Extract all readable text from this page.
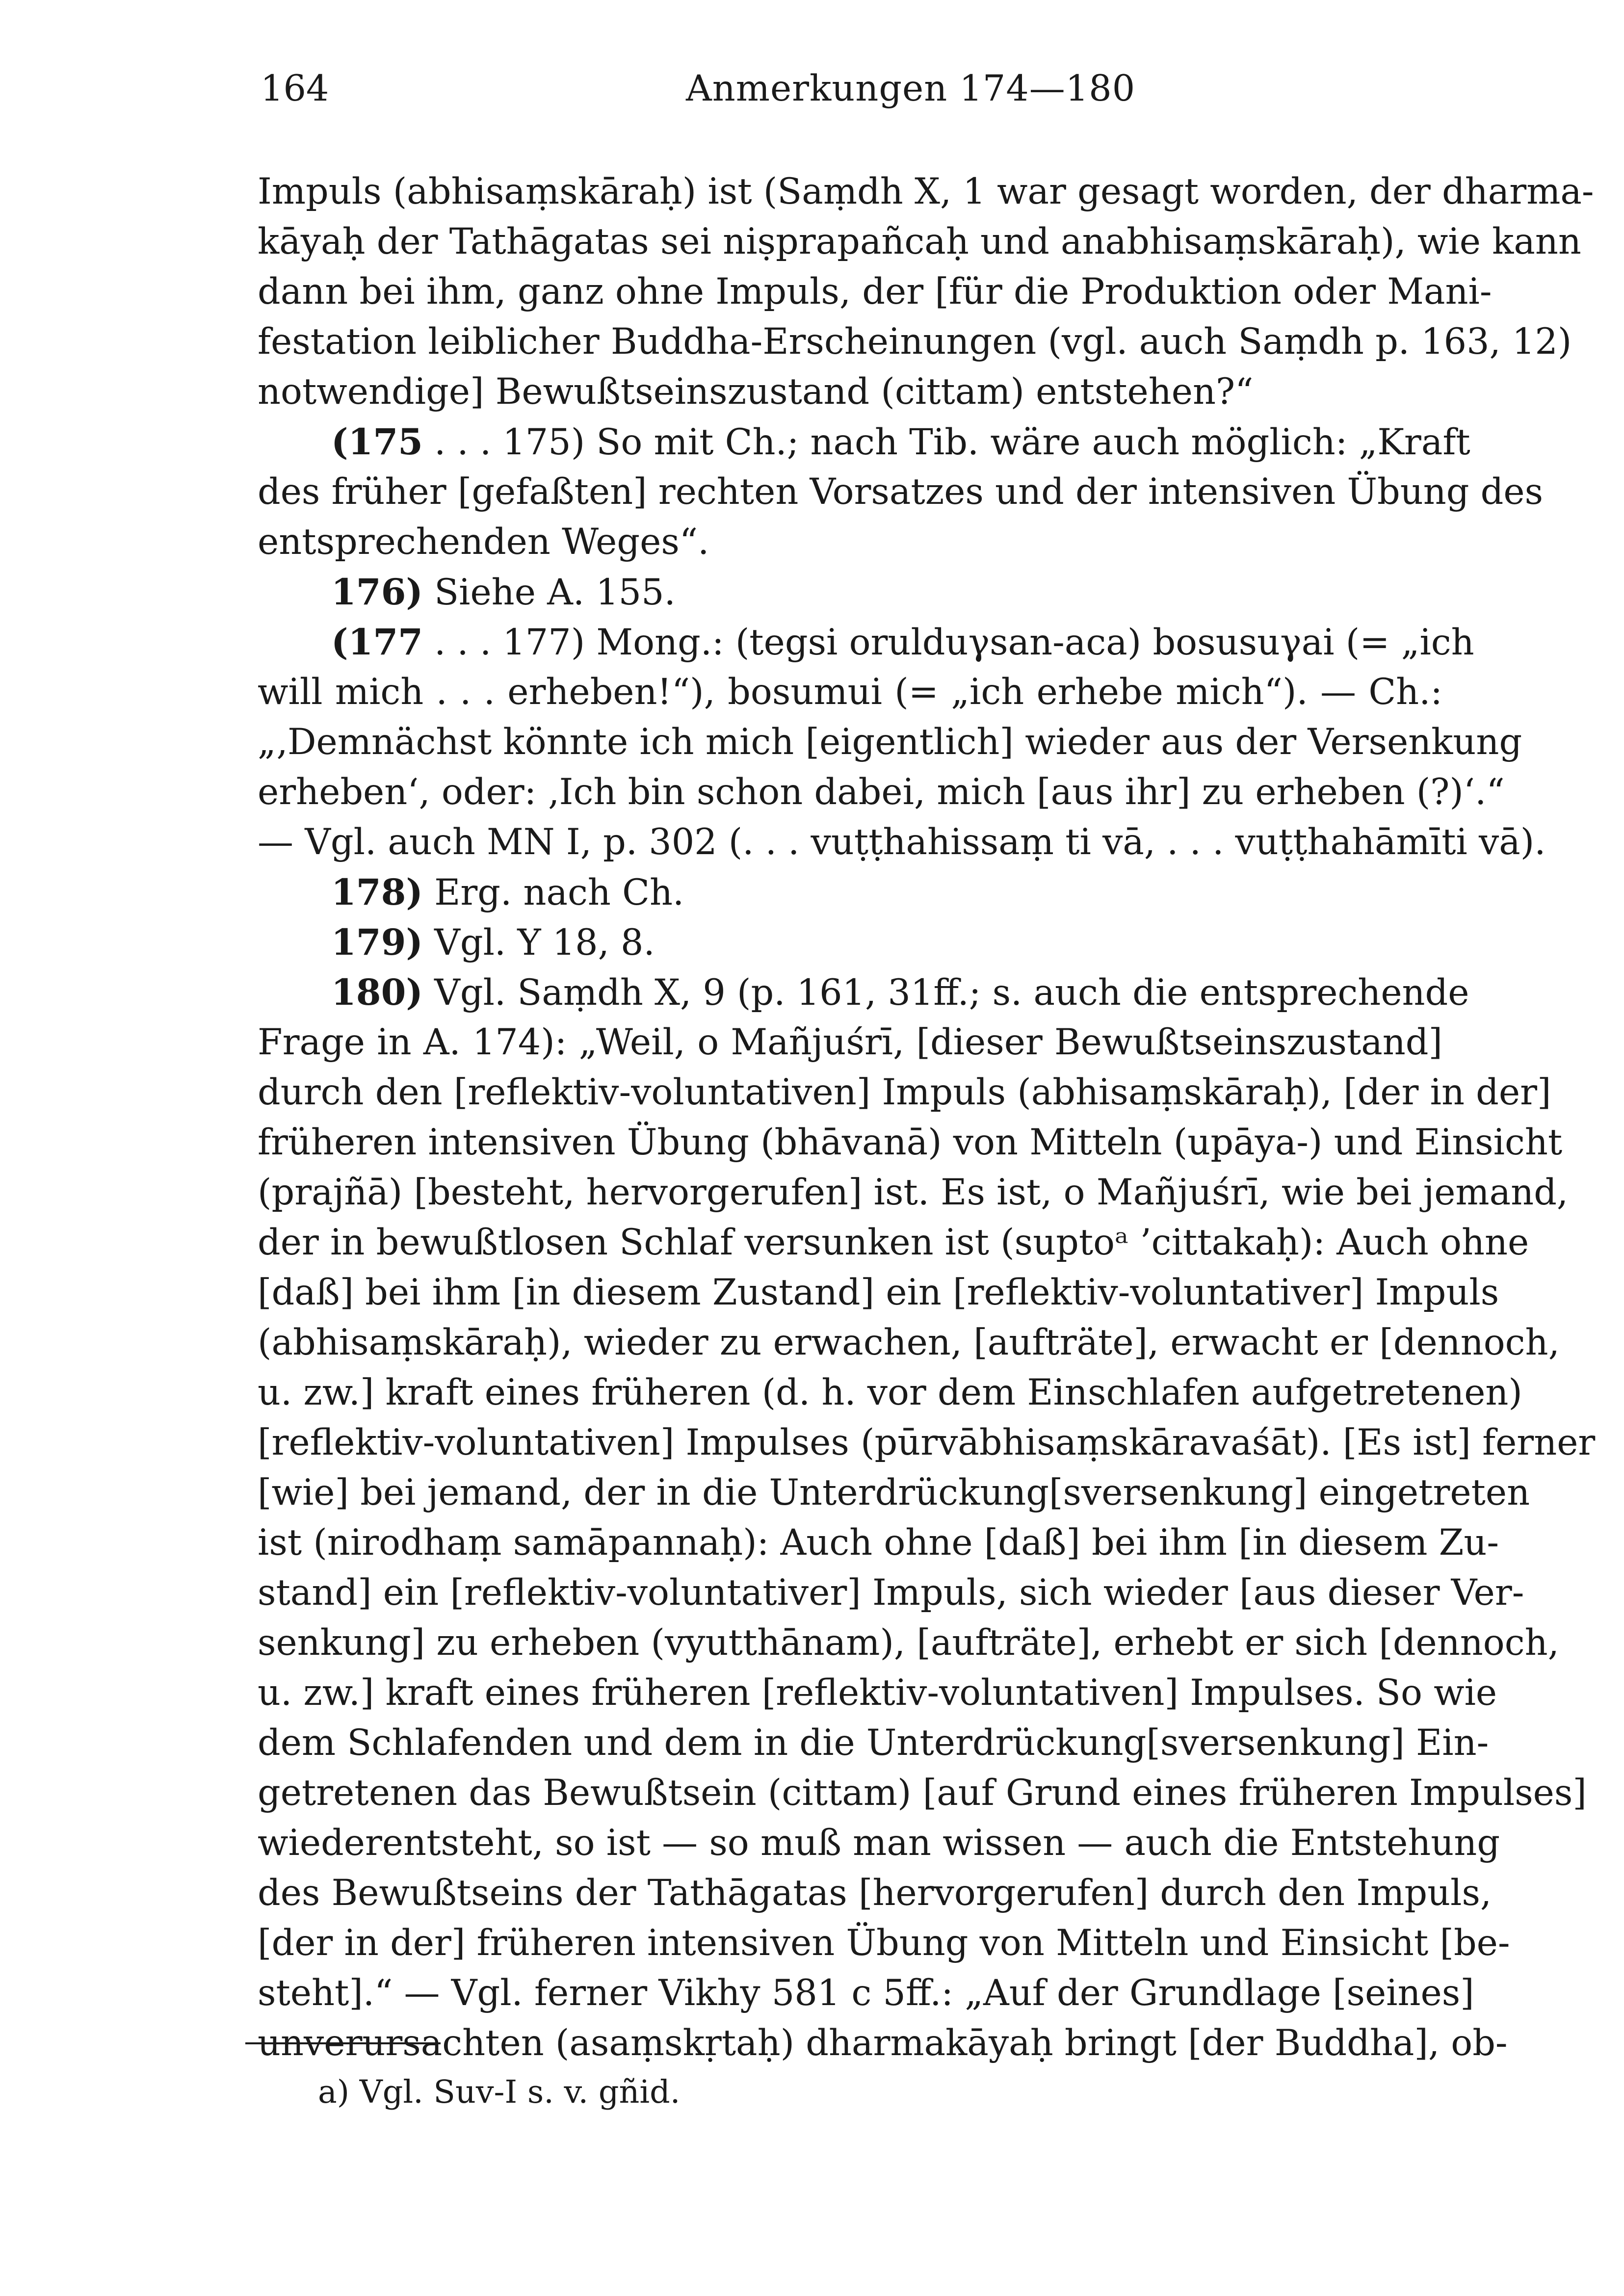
164	Anmerkungen 174—180
Impuls (abhisaṃskāraḥ) ist (Saṃdh X, 1 war gesagt worden, der dharma-
kāyaḥ der Tathāgatas sei niṣprapañcaḥ und anabhisaṃskāraḥ), wie kann
dann bei ihm, ganz ohne Impuls, der [für die Produktion oder Mani-
festation leiblicher Buddha-Erscheinungen (vgl. auch Saṃdh p. 163, 12)
notwendige] Bewußtseinszustand (cittam) entstehen?“
(175 . . . 175) So mit Ch.; nach Tib. wäre auch möglich: „Kraft
des früher [gefaßten] rechten Vorsatzes und der intensiven Übung des
entsprechenden Weges“.
176) Siehe A. 155.
(177 . . . 177) Mong.: (tegsi orulduγsan-aca) bosusuγai (= „ich
will mich . . . erheben!“), bosumui (= „ich erhebe mich“). — Ch.:
„‚Demnächst könnte ich mich [eigentlich] wieder aus der Versenkung
erheben‘, oder: ‚Ich bin schon dabei, mich [aus ihr] zu erheben (?)‘.“
— Vgl. auch MN I, p. 302 (. . . vuṭṭhahissaṃ ti vā, . . . vuṭṭhahāmīti vā).
178) Erg. nach Ch.
179) Vgl. Y 18, 8.
180) Vgl. Saṃdh X, 9 (p. 161, 31ff.; s. auch die entsprechende
Frage in A. 174): „Weil, o Mañjuśrī, [dieser Bewußtseinszustand]
durch den [reflektiv-voluntativen] Impuls (abhisaṃskāraḥ), [der in der]
früheren intensiven Übung (bhāvanā) von Mitteln (upāya-) und Einsicht
(prajñā) [besteht, hervorgerufen] ist. Es ist, o Mañjuśrī, wie bei jemand,
der in bewußtlosen Schlaf versunken ist (suptoᵃ ’cittakaḥ): Auch ohne
[daß] bei ihm [in diesem Zustand] ein [reflektiv-voluntativer] Impuls
(abhisaṃskāraḥ), wieder zu erwachen, [aufträte], erwacht er [dennoch,
u. zw.] kraft eines früheren (d. h. vor dem Einschlafen aufgetretenen)
[reflektiv-voluntativen] Impulses (pūrvābhisaṃskāravaśāt). [Es ist] ferner
[wie] bei jemand, der in die Unterdrückung[sversenkung] eingetreten
ist (nirodhaṃ samāpannaḥ): Auch ohne [daß] bei ihm [in diesem Zu-
stand] ein [reflektiv-voluntativer] Impuls, sich wieder [aus dieser Ver-
senkung] zu erheben (vyutthānam), [aufträte], erhebt er sich [dennoch,
u. zw.] kraft eines früheren [reflektiv-voluntativen] Impulses. So wie
dem Schlafenden und dem in die Unterdrückung[sversenkung] Ein-
getretenen das Bewußtsein (cittam) [auf Grund eines früheren Impulses]
wiederentsteht, so ist — so muß man wissen — auch die Entstehung
des Bewußtseins der Tathāgatas [hervorgerufen] durch den Impuls,
[der in der] früheren intensiven Übung von Mitteln und Einsicht [be-
steht].“ — Vgl. ferner Vikhy 581 c 5ff.: „Auf der Grundlage [seines]
unverursachten (asaṃskṛtaḥ) dharmakāyaḥ bringt [der Buddha], ob-
a) Vgl. Suv-I s. v. gñid.
